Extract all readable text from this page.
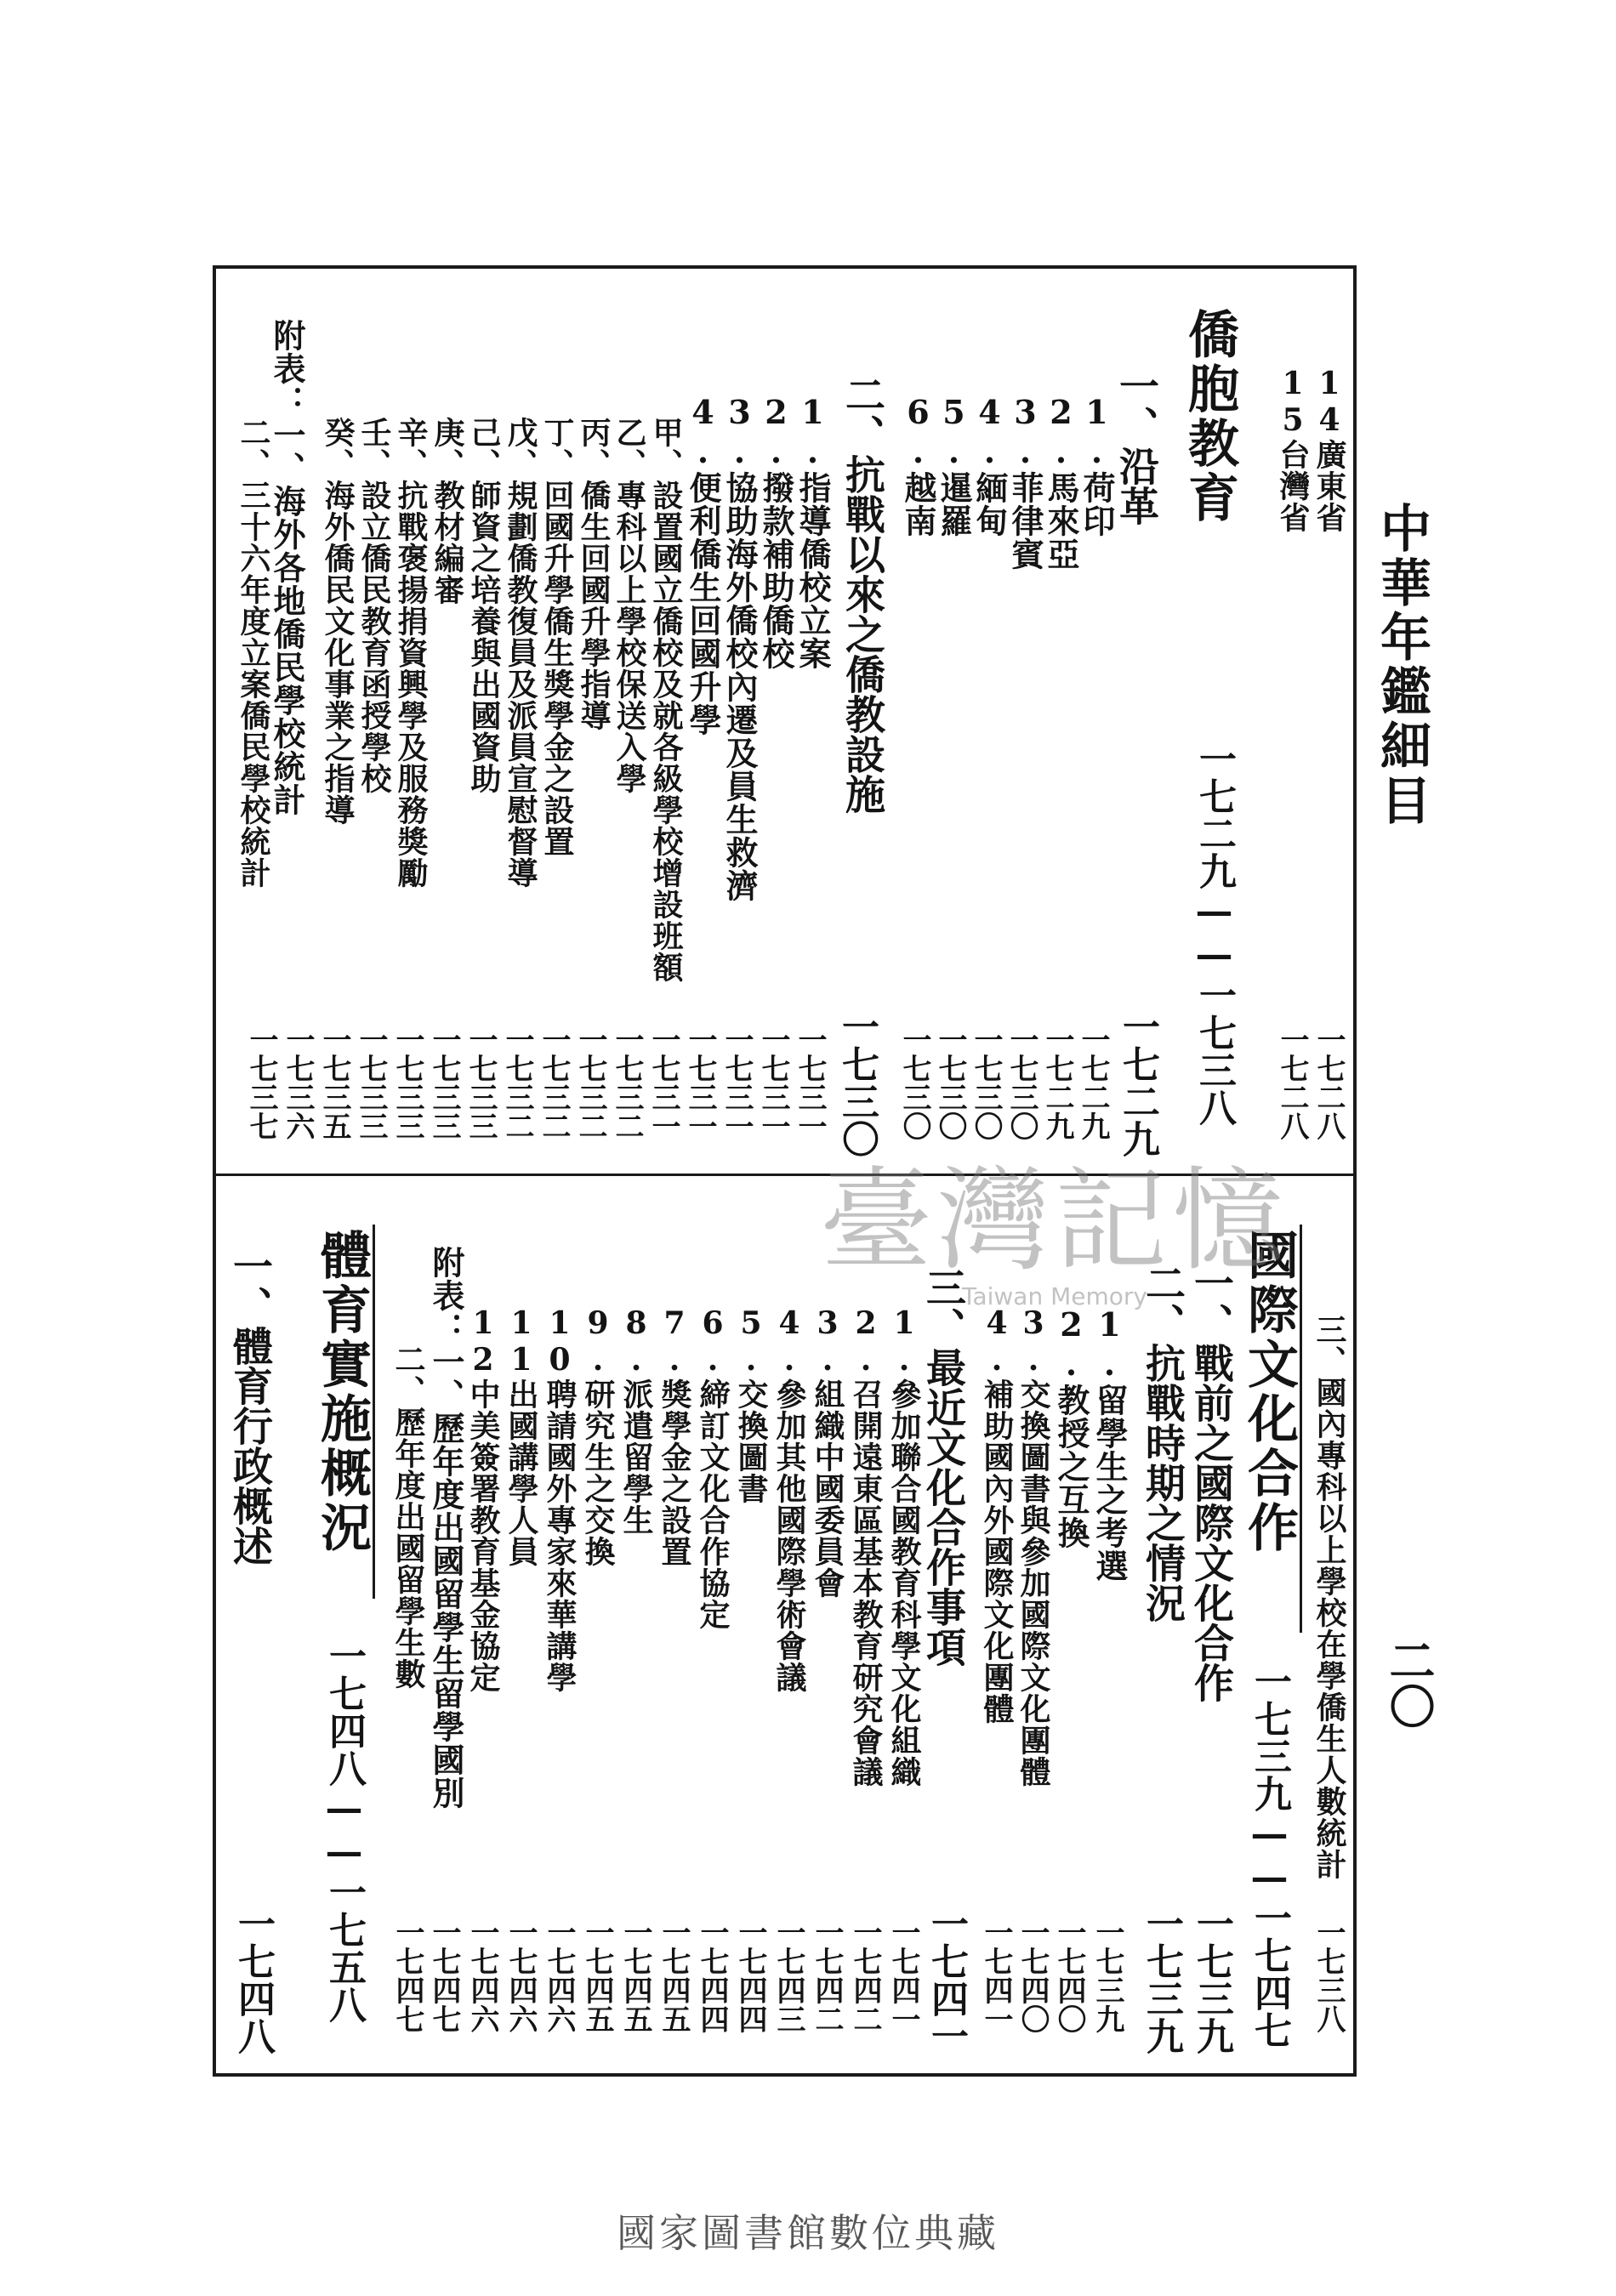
中華年鑑細目
二〇
14廣東省
一七二八
15台灣省
一七二八
僑胞教育
一七二九——一七三八
一、沿革
一七二九
1.荷印
一七二九
2.馬來亞
一七二九
3.菲律賓
一七三〇
4.緬甸
一七三〇
5.暹羅
一七三〇
6.越南
一七三〇
二、抗戰以來之僑教設施
一七三〇
1.指導僑校立案
一七三一
2.撥款補助僑校
一七三一
3.協助海外僑校內遷及員生救濟
一七三一
4.便利僑生回國升學
一七三一
甲、設置國立僑校及就各級學校增設班額
一七三一
乙、專科以上學校保送入學
一七三二
丙、僑生回國升學指導
一七三二
丁、回國升學僑生獎學金之設置
一七三二
戊、規劃僑教復員及派員宣慰督導
一七三二
己、師資之培養與出國資助
一七三三
庚、教材編審
一七三三
辛、抗戰褒揚捐資興學及服務獎勵
一七三三
壬、設立僑民教育函授學校
一七三三
癸、海外僑民文化事業之指導
一七三五
附表：一、海外各地僑民學校統計
一七三六
二、三十六年度立案僑民學校統計
一七三七
三、國內專科以上學校在學僑生人數統計
一七三八
國際文化合作
一七三九——一七四七
一、戰前之國際文化合作
一七三九
二、抗戰時期之情況
一七三九
1.留學生之考選
一七三九
2.教授之互換
一七四〇
3.交換圖書與參加國際文化團體
一七四〇
4.補助國內外國際文化團體
一七四一
三、最近文化合作事項
一七四一
1.參加聯合國教育科學文化組織
一七四一
2.召開遠東區基本教育研究會議
一七四二
3.組織中國委員會
一七四二
4.參加其他國際學術會議
一七四三
5.交換圖書
一七四四
6.締訂文化合作協定
一七四四
7.獎學金之設置
一七四五
8.派遣留學生
一七四五
9.研究生之交換
一七四五
10聘請國外專家來華講學
一七四六
11出國講學人員
一七四六
12中美簽署教育基金協定
一七四六
附表：一、歷年度出國留學生留學國別
一七四七
二、歷年度出國留學生數
一七四七
體育實施概況
一七四八——一七五八
一、體育行政概述
一七四八
臺灣記憶
Taiwan Memory
國家圖書館數位典藏
